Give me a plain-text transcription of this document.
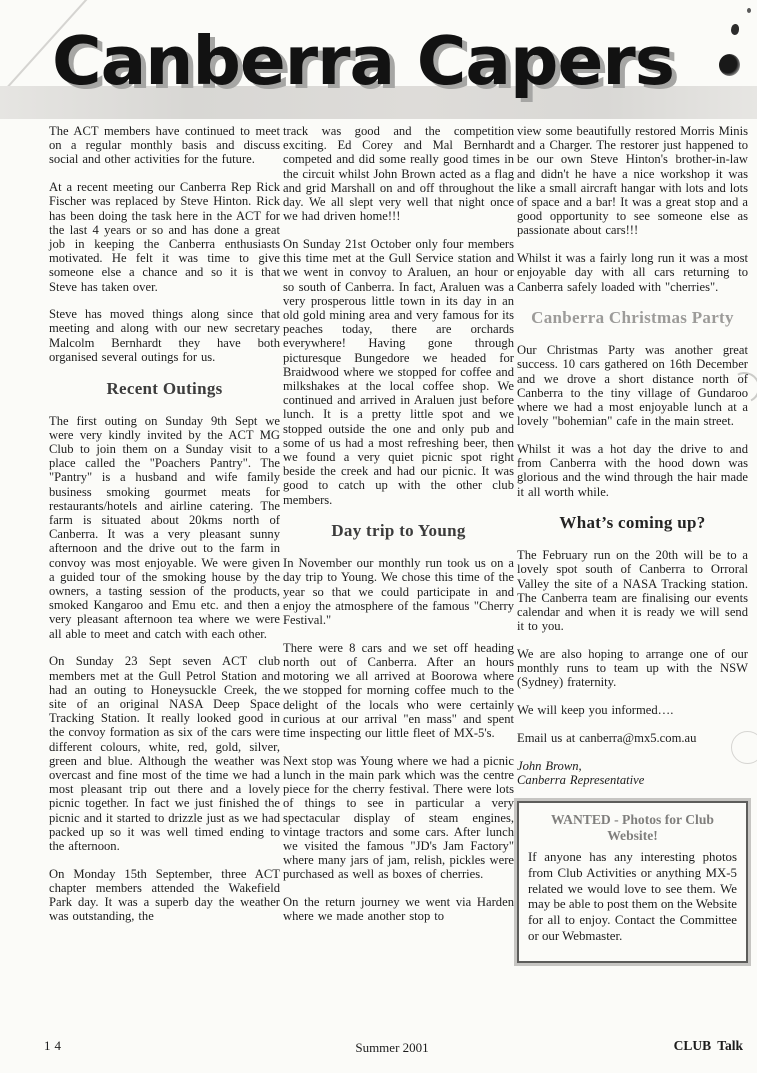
Canberra Capers

The ACT members have continued to meet on a regular monthly basis and discuss social and other activities for the future.

At a recent meeting our Canberra Rep Rick Fischer was replaced by Steve Hinton. Rick has been doing the task here in the ACT for the last 4 years or so and has done a great job in keeping the Canberra enthusiasts motivated. He felt it was time to give someone else a chance and so it is that Steve has taken over.

Steve has moved things along since that meeting and along with our new secretary Malcolm Bernhardt they have both organised several outings for us.

Recent Outings

The first outing on Sunday 9th Sept we were very kindly invited by the ACT MG Club to join them on a Sunday visit to a place called the "Poachers Pantry". The "Pantry" is a husband and wife family business smoking gourmet meats for restaurants/hotels and airline catering. The farm is situated about 20kms north of Canberra. It was a very pleasant sunny afternoon and the drive out to the farm in convoy was most enjoyable. We were given a guided tour of the smoking house by the owners, a tasting session of the products, smoked Kangaroo and Emu etc. and then a very pleasant afternoon tea where we were all able to meet and catch with each other.

On Sunday 23 Sept seven ACT club members met at the Gull Petrol Station and had an outing to Honeysuckle Creek, the site of an original NASA Deep Space Tracking Station. It really looked good in the convoy formation as six of the cars were different colours, white, red, gold, silver, green and blue. Although the weather was overcast and fine most of the time we had a most pleasant trip out there and a lovely picnic together. In fact we just finished the picnic and it started to drizzle just as we had packed up so it was well timed ending to the afternoon.

On Monday 15th September, three ACT chapter members attended the Wakefield Park day. It was a superb day the weather was outstanding, the

track was good and the competition exciting. Ed Corey and Mal Bernhardt competed and did some really good times in the circuit whilst John Brown acted as a flag and grid Marshall on and off throughout the day. We all slept very well that night once we had driven home!!!

On Sunday 21st October only four members this time met at the Gull Service station and we went in convoy to Araluen, an hour or so south of Canberra. In fact, Araluen was a very prosperous little town in its day in an old gold mining area and very famous for its peaches today, there are orchards everywhere! Having gone through picturesque Bungedore we headed for Braidwood where we stopped for coffee and milkshakes at the local coffee shop. We continued and arrived in Araluen just before lunch. It is a pretty little spot and we stopped outside the one and only pub and some of us had a most refreshing beer, then we found a very quiet picnic spot right beside the creek and had our picnic. It was good to catch up with the other club members.

Day trip to Young

In November our monthly run took us on a day trip to Young. We chose this time of the year so that we could participate in and enjoy the atmosphere of the famous "Cherry Festival."

There were 8 cars and we set off heading north out of Canberra. After an hours motoring we all arrived at Boorowa where we stopped for morning coffee much to the delight of the locals who were certainly curious at our arrival "en mass" and spent time inspecting our little fleet of MX-5's.

Next stop was Young where we had a picnic lunch in the main park which was the centre piece for the cherry festival. There were lots of things to see in particular a very spectacular display of steam engines, vintage tractors and some cars. After lunch we visited the famous "JD's Jam Factory" where many jars of jam, relish, pickles were purchased as well as boxes of cherries.

On the return journey we went via Harden where we made another stop to

view some beautifully restored Morris Minis and a Charger. The restorer just happened to be our own Steve Hinton's brother-in-law and didn't he have a nice workshop it was like a small aircraft hangar with lots and lots of space and a bar! It was a great stop and a good opportunity to see someone else as passionate about cars!!!

Whilst it was a fairly long run it was a most enjoyable day with all cars returning to Canberra safely loaded with "cherries".

Canberra Christmas Party

Our Christmas Party was another great success. 10 cars gathered on 16th December and we drove a short distance north of Canberra to the tiny village of Gundaroo where we had a most enjoyable lunch at a lovely "bohemian" cafe in the main street.

Whilst it was a hot day the drive to and from Canberra with the hood down was glorious and the wind through the hair made it all worth while.

What’s coming up?

The February run on the 20th will be to a lovely spot south of Canberra to Orroral Valley the site of a NASA Tracking station. The Canberra team are finalising our events calendar and when it is ready we will send it to you.

We are also hoping to arrange one of our monthly runs to team up with the NSW (Sydney) fraternity.

We will keep you informed….

Email us at canberra@mx5.com.au

John Brown,
Canberra Representative

WANTED - Photos for Club Website!

If anyone has any interesting photos from Club Activities or anything MX-5 related we would love to see them. We may be able to post them on the Website for all to enjoy. Contact the Committee or our Webmaster.

14	Summer 2001	CLUB Talk
